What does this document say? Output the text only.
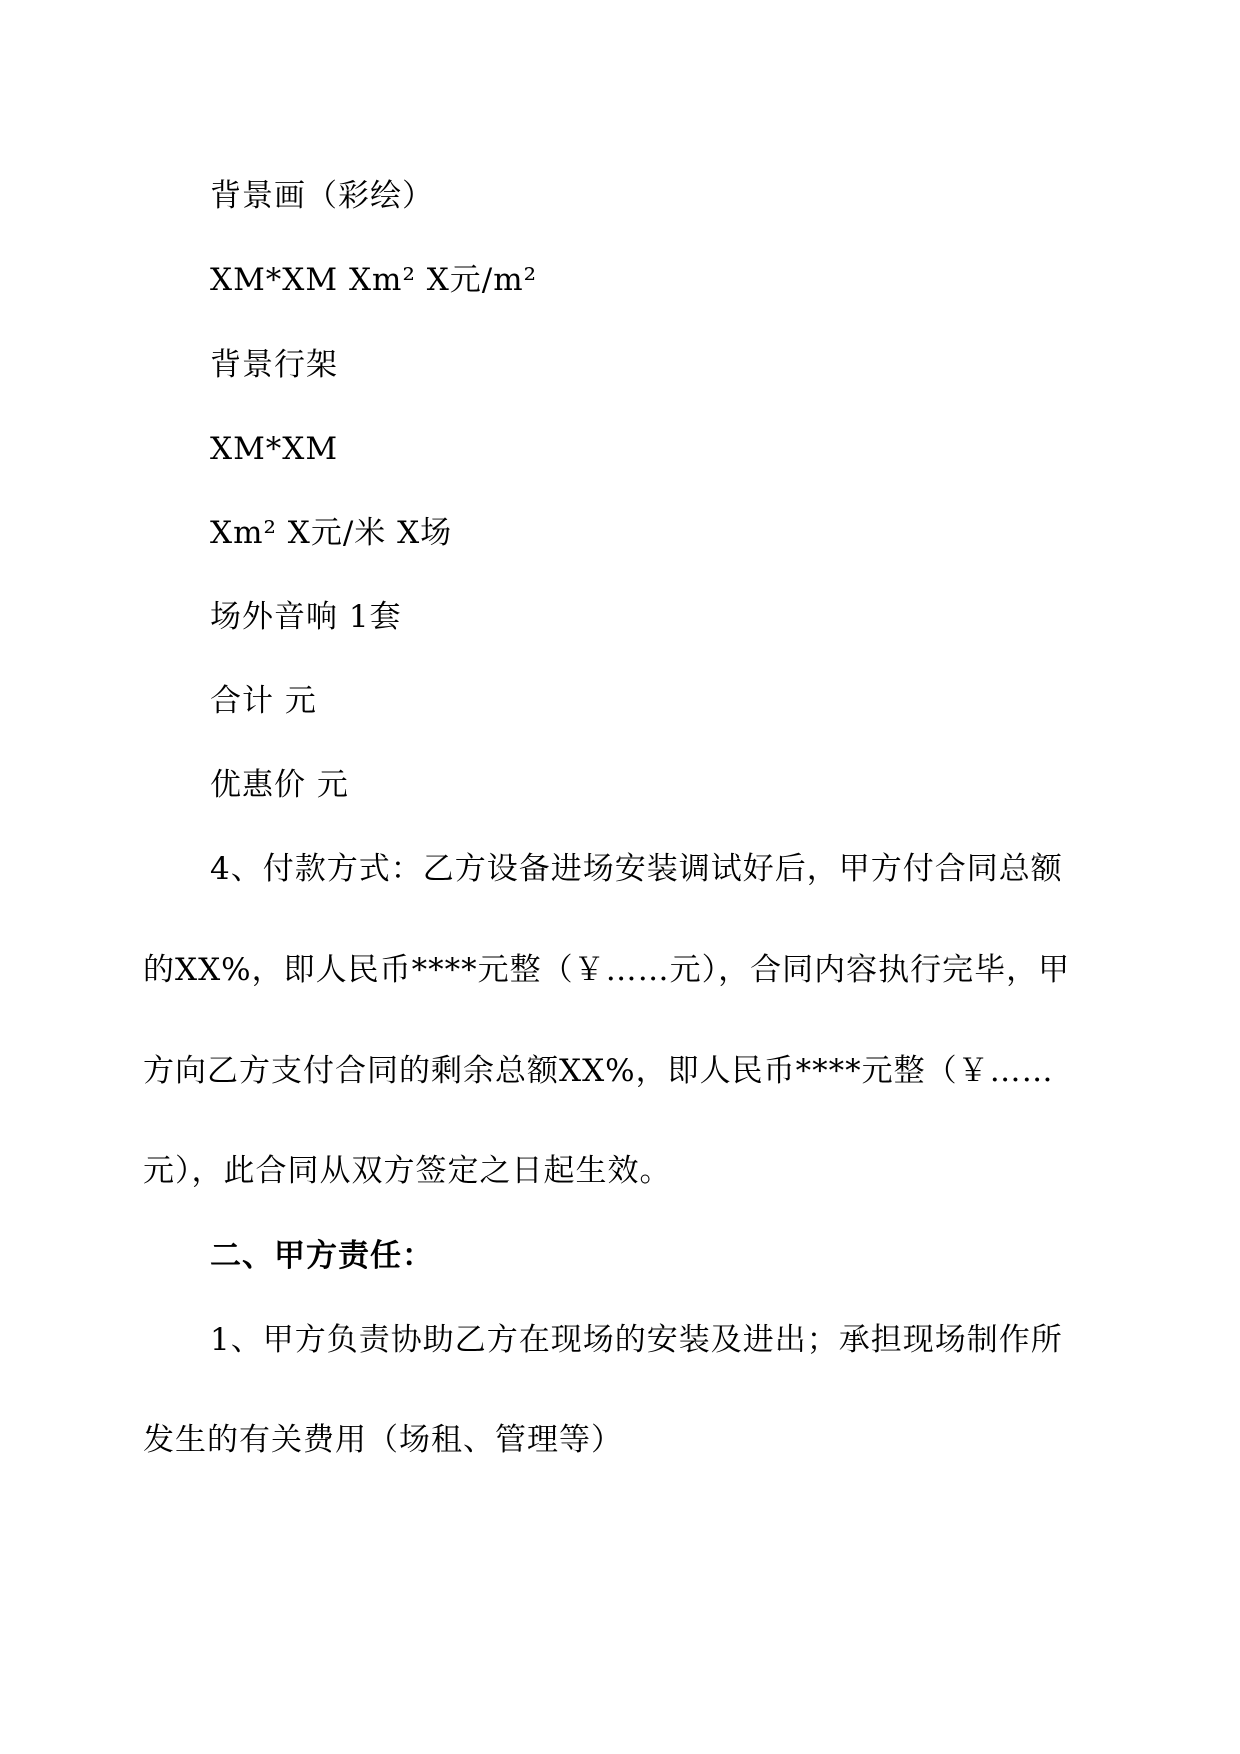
背景画（彩绘）
XM*XM Xm² X元/m²
背景行架
XM*XM
Xm² X元/米 X场
场外音响 1套
合计 元
优惠价 元
4、付款方式：乙方设备进场安装调试好后，甲方付合同总额
的XX%，即人民币****元整（￥……元），合同内容执行完毕，甲
方向乙方支付合同的剩余总额XX%，即人民币****元整（￥……
元），此合同从双方签定之日起生效。
二、甲方责任：
1、甲方负责协助乙方在现场的安装及进出；承担现场制作所
发生的有关费用（场租、管理等）
